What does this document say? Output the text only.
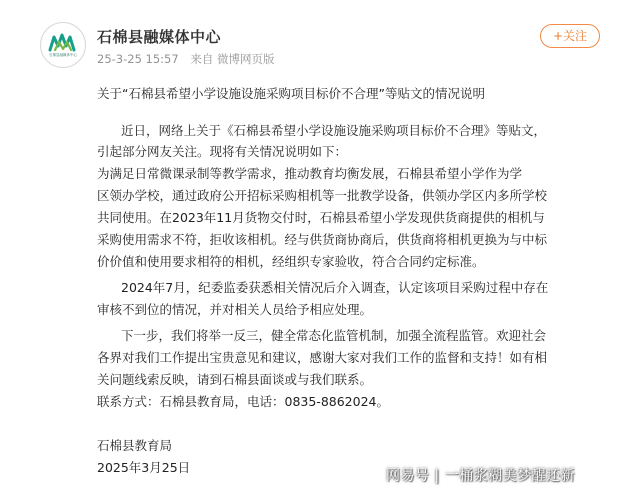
石棉县融媒体中心
石棉县融媒体中心
25-3-25 15:57 来自 微博网页版
+关注
关于“石棉县希望小学设施设施采购项目标价不合理”等贴文的情况说明
近日，网络上关于《石棉县希望小学设施设施采购项目标价不合理》等贴文，
引起部分网友关注。现将有关情况说明如下：
为满足日常微课录制等教学需求，推动教育均衡发展，石棉县希望小学作为学
区领办学校，通过政府公开招标采购相机等一批教学设备，供领办学区内多所学校
共同使用。在2023年11月货物交付时，石棉县希望小学发现供货商提供的相机与
采购使用需求不符，拒收该相机。经与供货商协商后，供货商将相机更换为与中标
价价值和使用要求相符的相机，经组织专家验收，符合合同约定标准。
2024年7月，纪委监委获悉相关情况后介入调查，认定该项目采购过程中存在
审核不到位的情况，并对相关人员给予相应处理。
下一步，我们将举一反三，健全常态化监管机制，加强全流程监管。欢迎社会
各界对我们工作提出宝贵意见和建议，感谢大家对我们工作的监督和支持！如有相
关问题线索反映，请到石棉县面谈或与我们联系。
联系方式：石棉县教育局，电话：0835-8862024。
石棉县教育局
2025年3月25日
网易号 | 一桶浆糊美梦醒还新
